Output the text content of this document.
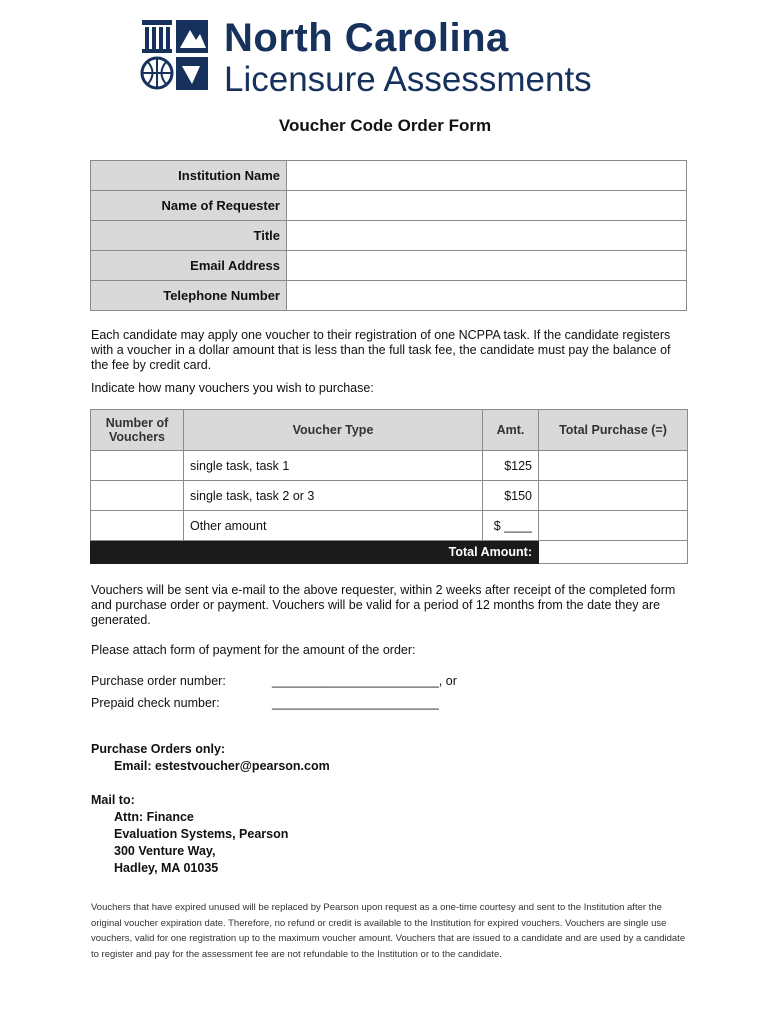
North Carolina
Licensure Assessments
Voucher Code Order Form
Institution Name	
Name of Requester	
Title	
Email Address	
Telephone Number	
Each candidate may apply one voucher to their registration of one NCPPA task. If the candidate registers with a voucher in a dollar amount that is less than the full task fee, the candidate must pay the balance of the fee by credit card.
Indicate how many vouchers you wish to purchase:
Number of Vouchers	Voucher Type	Amt.	Total Purchase (=)
	single task, task 1	$125	
	single task, task 2 or 3	$150	
	Other amount	$ ____	
Total Amount:			
Vouchers will be sent via e-mail to the above requester, within 2 weeks after receipt of the completed form and purchase order or payment. Vouchers will be valid for a period of 12 months from the date they are generated.
Please attach form of payment for the amount of the order:
Purchase order number:	________________________, or
Prepaid check number:	________________________
Purchase Orders only:
Email: estestvoucher@pearson.com
Mail to:
Attn: Finance
Evaluation Systems, Pearson
300 Venture Way,
Hadley, MA 01035
Vouchers that have expired unused will be replaced by Pearson upon request as a one-time courtesy and sent to the Institution after the original voucher expiration date. Therefore, no refund or credit is available to the Institution for expired vouchers. Vouchers are single use vouchers, valid for one registration up to the maximum voucher amount. Vouchers that are issued to a candidate and are used by a candidate to register and pay for the assessment fee are not refundable to the Institution or to the candidate.
